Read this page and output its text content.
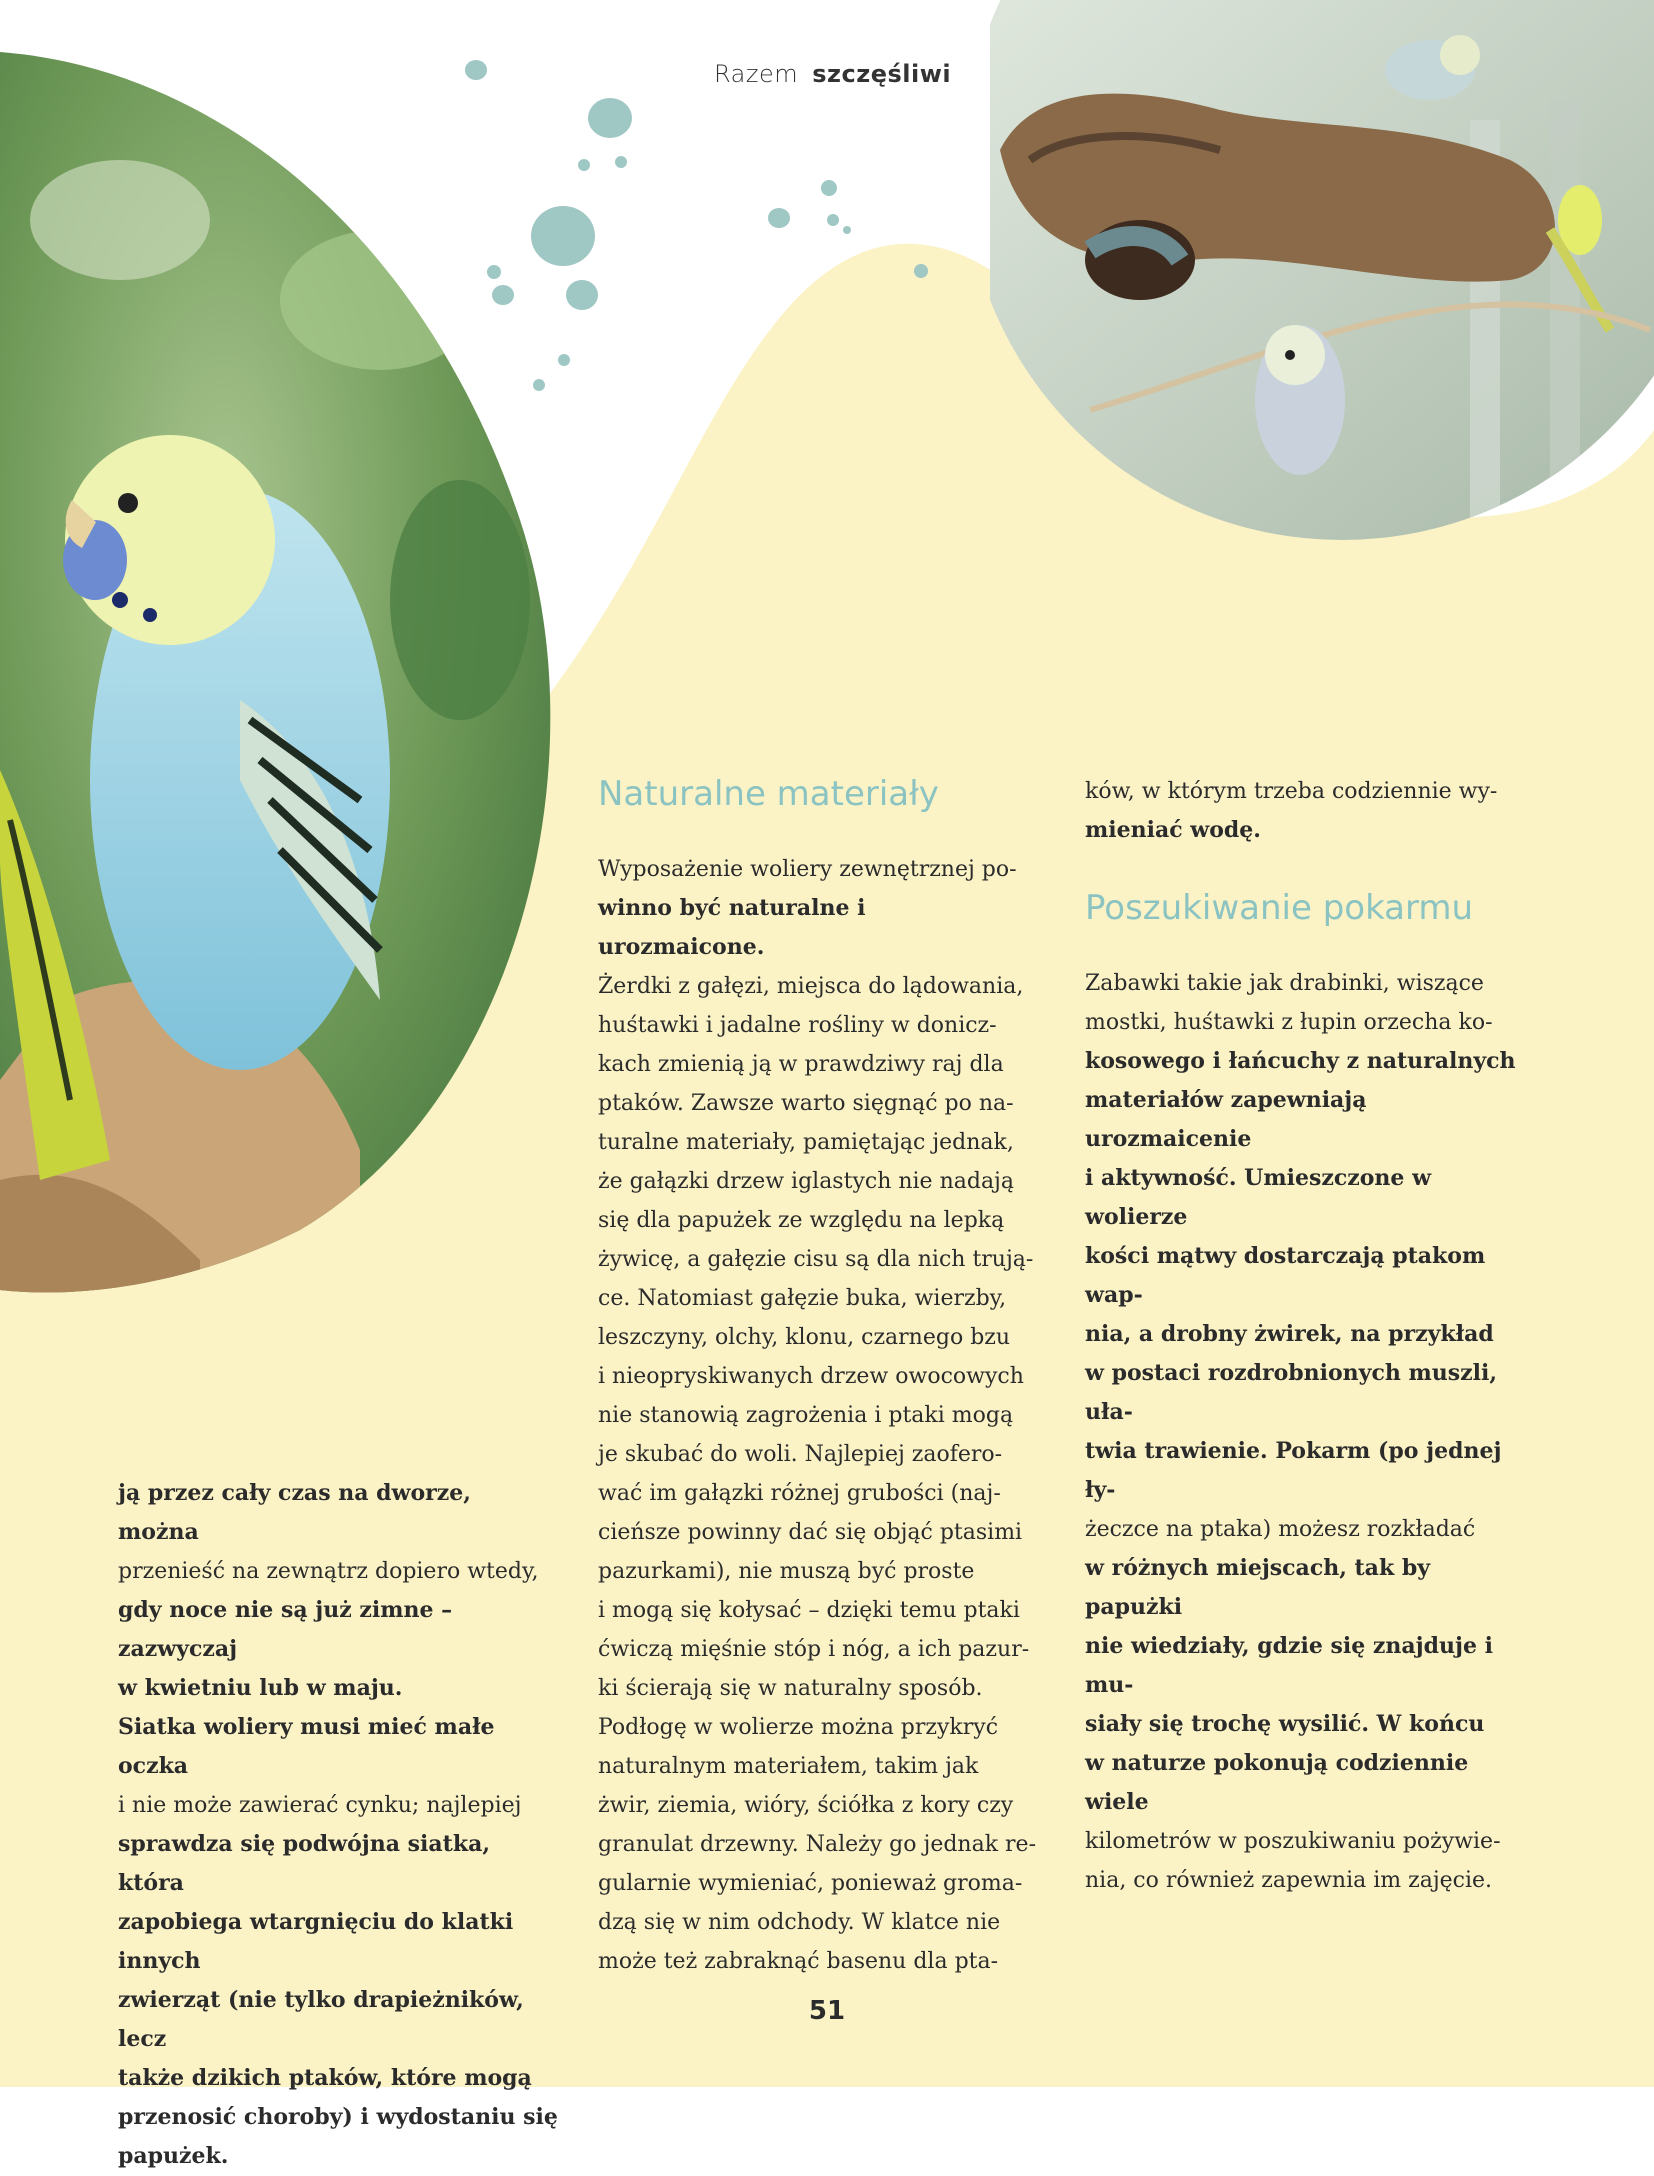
Razem szczęśliwi

ją przez cały czas na dworze, można

przenieść na zewnątrz dopiero wtedy,

gdy noce nie są już zimne – zazwyczaj

w kwietniu lub w maju.

Siatka woliery musi mieć małe oczka

i nie może zawierać cynku; najlepiej

sprawdza się podwójna siatka, która

zapobiega wtargnięciu do klatki innych

zwierząt (nie tylko drapieżników, lecz

także dzikich ptaków, które mogą

przenosić choroby) i wydostaniu się

papużek.

Naturalne materiały

Wyposażenie woliery zewnętrznej po-

winno być naturalne i urozmaicone.

Żerdki z gałęzi, miejsca do lądowania,

huśtawki i jadalne rośliny w donicz-

kach zmienią ją w prawdziwy raj dla

ptaków. Zawsze warto sięgnąć po na-

turalne materiały, pamiętając jednak,

że gałązki drzew iglastych nie nadają

się dla papużek ze względu na lepką

żywicę, a gałęzie cisu są dla nich trują-

ce. Natomiast gałęzie buka, wierzby,

leszczyny, olchy, klonu, czarnego bzu

i nieopryskiwanych drzew owocowych

nie stanowią zagrożenia i ptaki mogą

je skubać do woli. Najlepiej zaofero-

wać im gałązki różnej grubości (naj-

cieńsze powinny dać się objąć ptasimi

pazurkami), nie muszą być proste

i mogą się kołysać – dzięki temu ptaki

ćwiczą mięśnie stóp i nóg, a ich pazur-

ki ścierają się w naturalny sposób.

Podłogę w wolierze można przykryć

naturalnym materiałem, takim jak

żwir, ziemia, wióry, ściółka z kory czy

granulat drzewny. Należy go jednak re-

gularnie wymieniać, ponieważ groma-

dzą się w nim odchody. W klatce nie

może też zabraknąć basenu dla pta-

ków, w którym trzeba codziennie wy-

mieniać wodę.

Poszukiwanie pokarmu

Zabawki takie jak drabinki, wiszące

mostki, huśtawki z łupin orzecha ko-

kosowego i łańcuchy z naturalnych

materiałów zapewniają urozmaicenie

i aktywność. Umieszczone w wolierze

kości mątwy dostarczają ptakom wap-

nia, a drobny żwirek, na przykład

w postaci rozdrobnionych muszli, uła-

twia trawienie. Pokarm (po jednej ły-

żeczce na ptaka) możesz rozkładać

w różnych miejscach, tak by papużki

nie wiedziały, gdzie się znajduje i mu-

siały się trochę wysilić. W końcu

w naturze pokonują codziennie wiele

kilometrów w poszukiwaniu pożywie-

nia, co również zapewnia im zajęcie.

51
